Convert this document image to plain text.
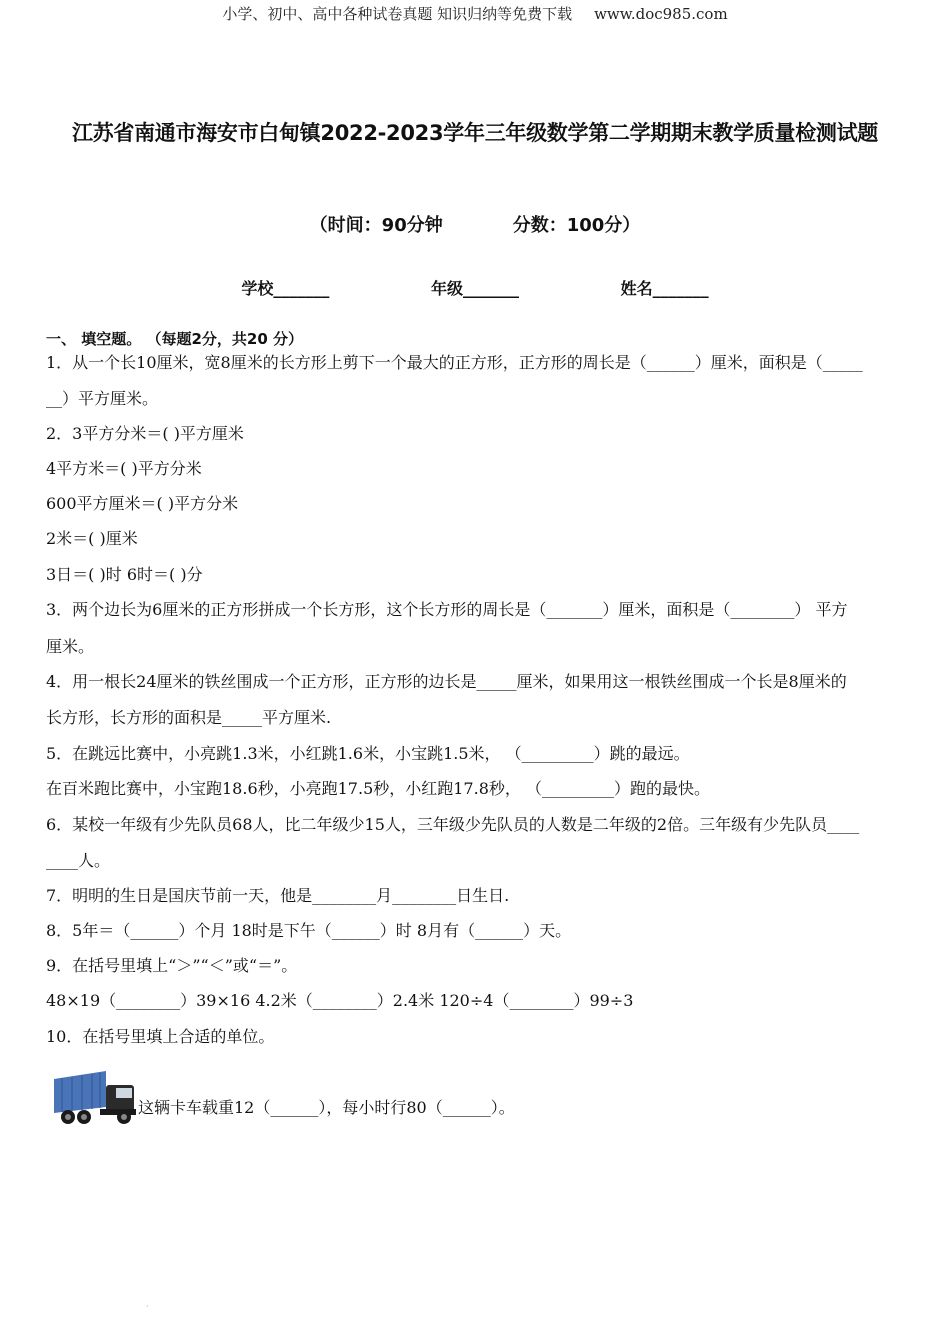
小学、初中、高中各种试卷真题 知识归纳等免费下载 www.doc985.com
江苏省南通市海安市白甸镇2022-2023学年三年级数学第二学期期末教学质量检测试题
（时间：90分钟	分数：100分）
学校_______	年级_______	姓名_______
一、 填空题。 （每题2分，共20 分）
1．从一个长10厘米，宽8厘米的长方形上剪下一个最大的正方形，正方形的周长是（______）厘米，面积是（_____
__）平方厘米。
2．3平方分米＝( )平方厘米
4平方米＝( )平方分米
600平方厘米＝( )平方分米
2米＝( )厘米
3日＝( )时 6时＝( )分
3．两个边长为6厘米的正方形拼成一个长方形，这个长方形的周长是（_______）厘米，面积是（________） 平方
厘米。
4．用一根长24厘米的铁丝围成一个正方形，正方形的边长是_____厘米，如果用这一根铁丝围成一个长是8厘米的
长方形，长方形的面积是_____平方厘米.
5．在跳远比赛中，小亮跳1.3米，小红跳1.6米，小宝跳1.5米， （_________）跳的最远。
在百米跑比赛中，小宝跑18.6秒，小亮跑17.5秒，小红跑17.8秒， （_________）跑的最快。
6．某校一年级有少先队员68人，比二年级少15人，三年级少先队员的人数是二年级的2倍。三年级有少先队员____
____人。
7．明明的生日是国庆节前一天，他是________月________日生日.
8．5年＝（______）个月 18时是下午（______）时 8月有（______）天。
9．在括号里填上“＞”“＜”或“＝”。
48×19（________）39×16 4.2米（________）2.4米 120÷4（________）99÷3
10．在括号里填上合适的单位。
这辆卡车载重12（______），每小时行80（______）。
·
